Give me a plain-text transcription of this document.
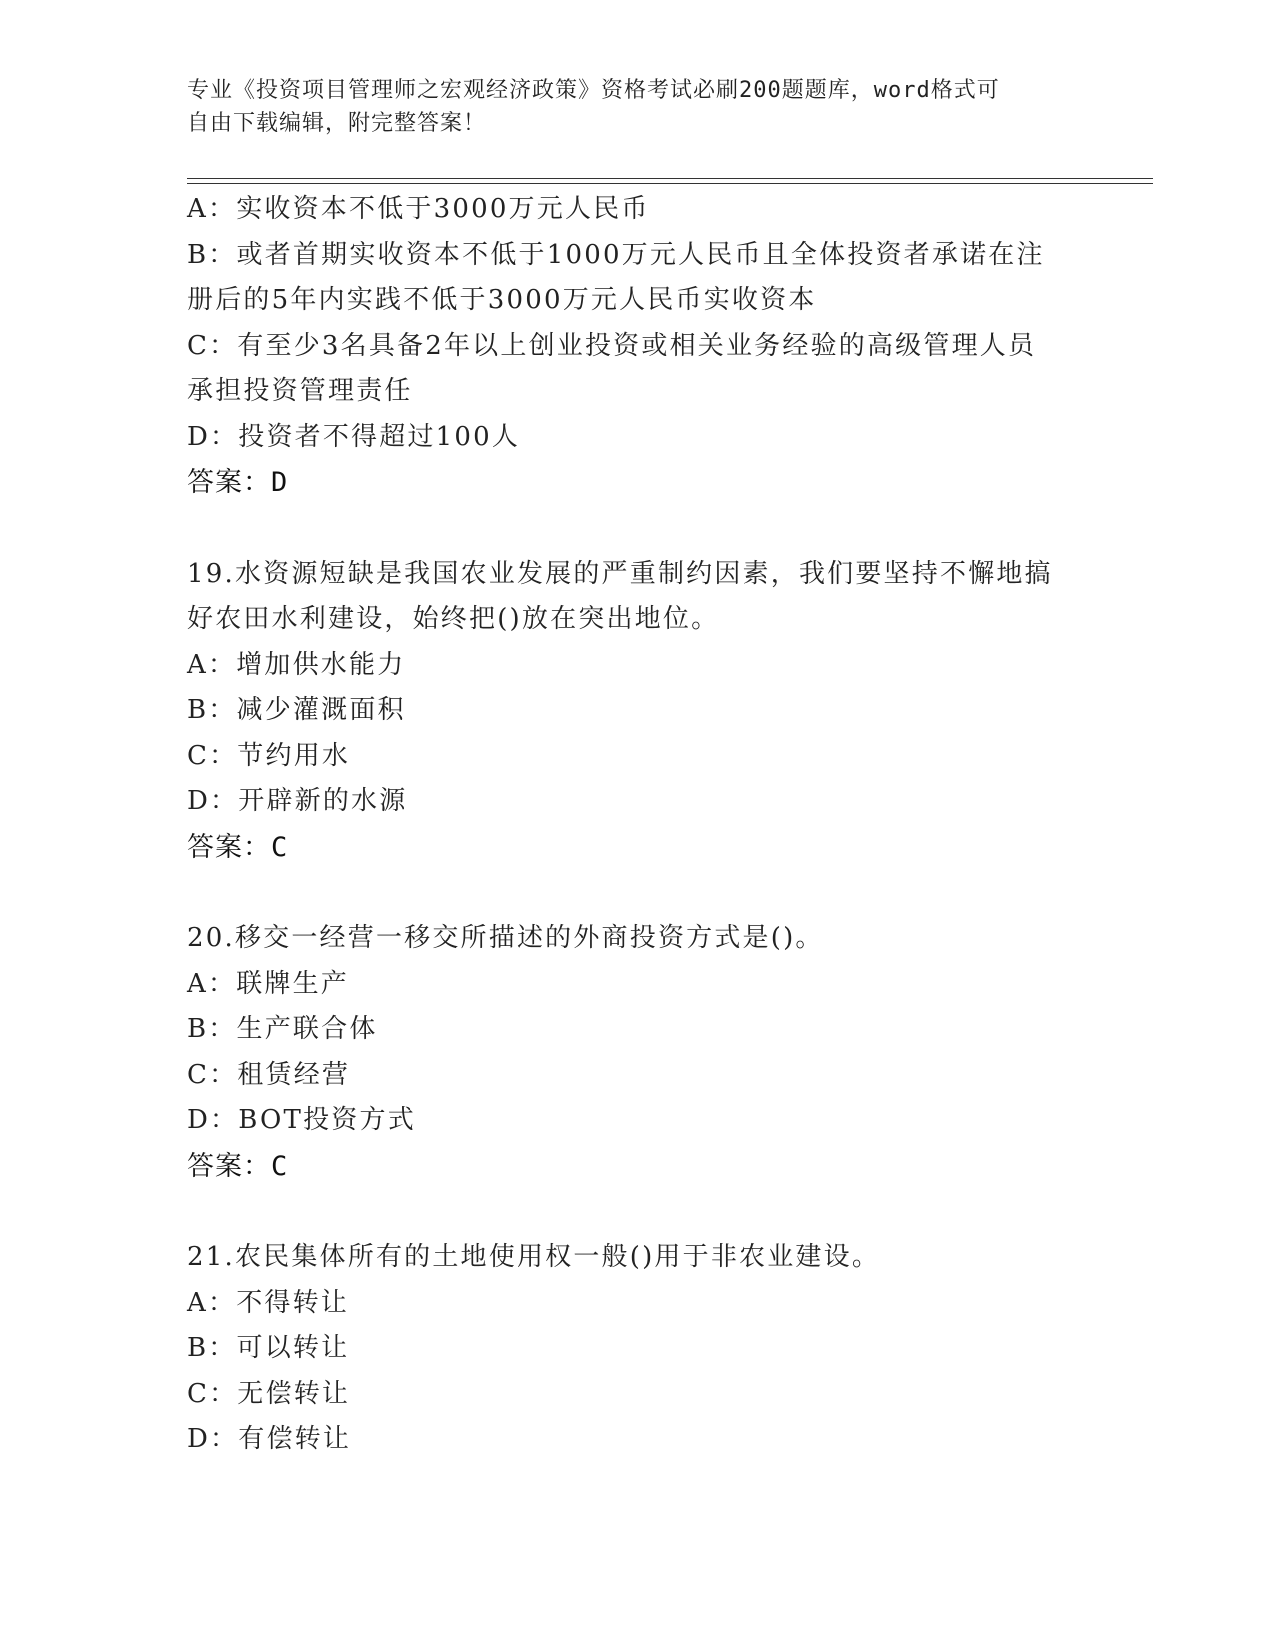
专业《投资项目管理师之宏观经济政策》资格考试必刷200题题库，word格式可
自由下载编辑，附完整答案！
A：实收资本不低于3000万元人民币
B：或者首期实收资本不低于1000万元人民币且全体投资者承诺在注
册后的5年内实践不低于3000万元人民币实收资本
C：有至少3名具备2年以上创业投资或相关业务经验的高级管理人员
承担投资管理责任
D：投资者不得超过100人
答案：D
19.水资源短缺是我国农业发展的严重制约因素，我们要坚持不懈地搞
好农田水利建设，始终把()放在突出地位。
A：增加供水能力
B：减少灌溉面积
C：节约用水
D：开辟新的水源
答案：C
20.移交一经营一移交所描述的外商投资方式是()。
A：联牌生产
B：生产联合体
C：租赁经营
D：BOT投资方式
答案：C
21.农民集体所有的土地使用权一般()用于非农业建设。
A：不得转让
B：可以转让
C：无偿转让
D：有偿转让
